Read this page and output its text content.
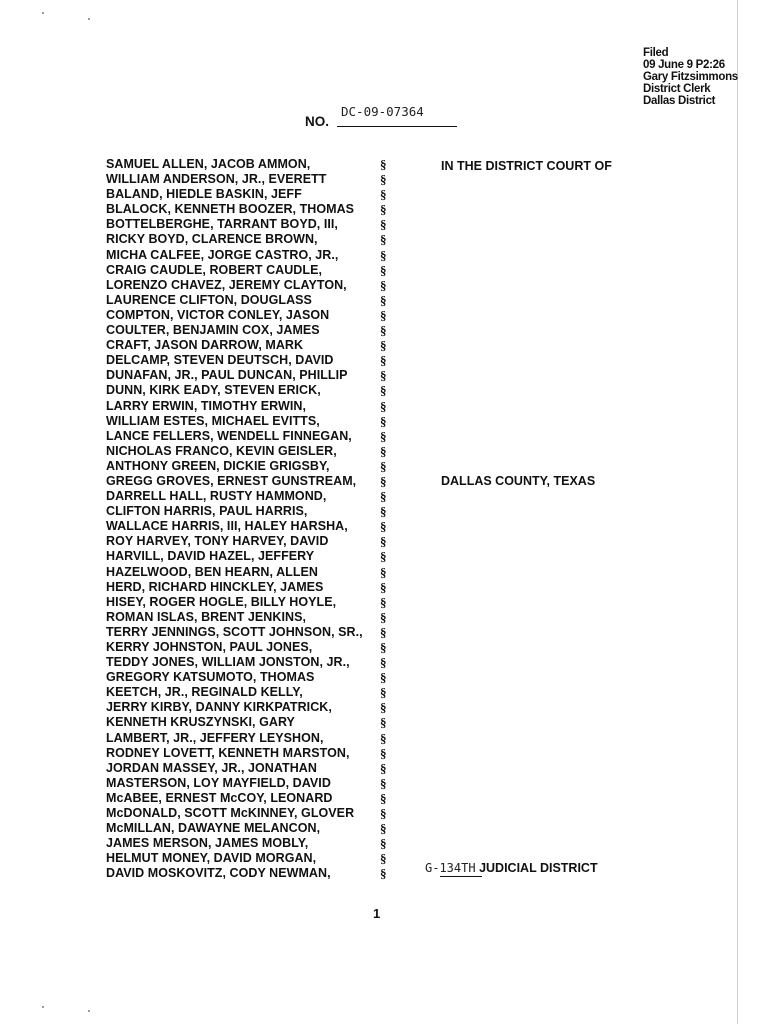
Filed
09 June 9 P2:26
Gary Fitzsimmons
District Clerk
Dallas District
NO.
DC-09-07364
SAMUEL ALLEN, JACOB AMMON,
WILLIAM ANDERSON, JR., EVERETT
BALAND, HIEDLE BASKIN, JEFF
BLALOCK, KENNETH BOOZER, THOMAS
BOTTELBERGHE, TARRANT BOYD, III,
RICKY BOYD, CLARENCE BROWN,
MICHA CALFEE, JORGE CASTRO, JR.,
CRAIG CAUDLE, ROBERT CAUDLE,
LORENZO CHAVEZ, JEREMY CLAYTON,
LAURENCE CLIFTON, DOUGLASS
COMPTON, VICTOR CONLEY, JASON
COULTER, BENJAMIN COX, JAMES
CRAFT, JASON DARROW, MARK
DELCAMP, STEVEN DEUTSCH, DAVID
DUNAFAN, JR., PAUL DUNCAN, PHILLIP
DUNN, KIRK EADY, STEVEN ERICK,
LARRY ERWIN, TIMOTHY ERWIN,
WILLIAM ESTES, MICHAEL EVITTS,
LANCE FELLERS, WENDELL FINNEGAN,
NICHOLAS FRANCO, KEVIN GEISLER,
ANTHONY GREEN, DICKIE GRIGSBY,
GREGG GROVES, ERNEST GUNSTREAM,
DARRELL HALL, RUSTY HAMMOND,
CLIFTON HARRIS, PAUL HARRIS,
WALLACE HARRIS, III, HALEY HARSHA,
ROY HARVEY, TONY HARVEY, DAVID
HARVILL, DAVID HAZEL, JEFFERY
HAZELWOOD, BEN HEARN, ALLEN
HERD, RICHARD HINCKLEY, JAMES
HISEY, ROGER HOGLE, BILLY HOYLE,
ROMAN ISLAS, BRENT JENKINS,
TERRY JENNINGS, SCOTT JOHNSON, SR.,
KERRY JOHNSTON, PAUL JONES,
TEDDY JONES, WILLIAM JONSTON, JR.,
GREGORY KATSUMOTO, THOMAS
KEETCH, JR., REGINALD KELLY,
JERRY KIRBY, DANNY KIRKPATRICK,
KENNETH KRUSZYNSKI, GARY
LAMBERT, JR., JEFFERY LEYSHON,
RODNEY LOVETT, KENNETH MARSTON,
JORDAN MASSEY, JR., JONATHAN
MASTERSON, LOY MAYFIELD, DAVID
McABEE, ERNEST McCOY, LEONARD
McDONALD, SCOTT McKINNEY, GLOVER
McMILLAN, DAWAYNE MELANCON,
JAMES MERSON, JAMES MOBLY,
HELMUT MONEY, DAVID MORGAN,
DAVID MOSKOVITZ, CODY NEWMAN,
§
§
§
§
§
§
§
§
§
§
§
§
§
§
§
§
§
§
§
§
§
§
§
§
§
§
§
§
§
§
§
§
§
§
§
§
§
§
§
§
§
§
§
§
§
§
§
§
IN THE DISTRICT COURT OF
DALLAS COUNTY, TEXAS
G-134TH JUDICIAL DISTRICT
1
